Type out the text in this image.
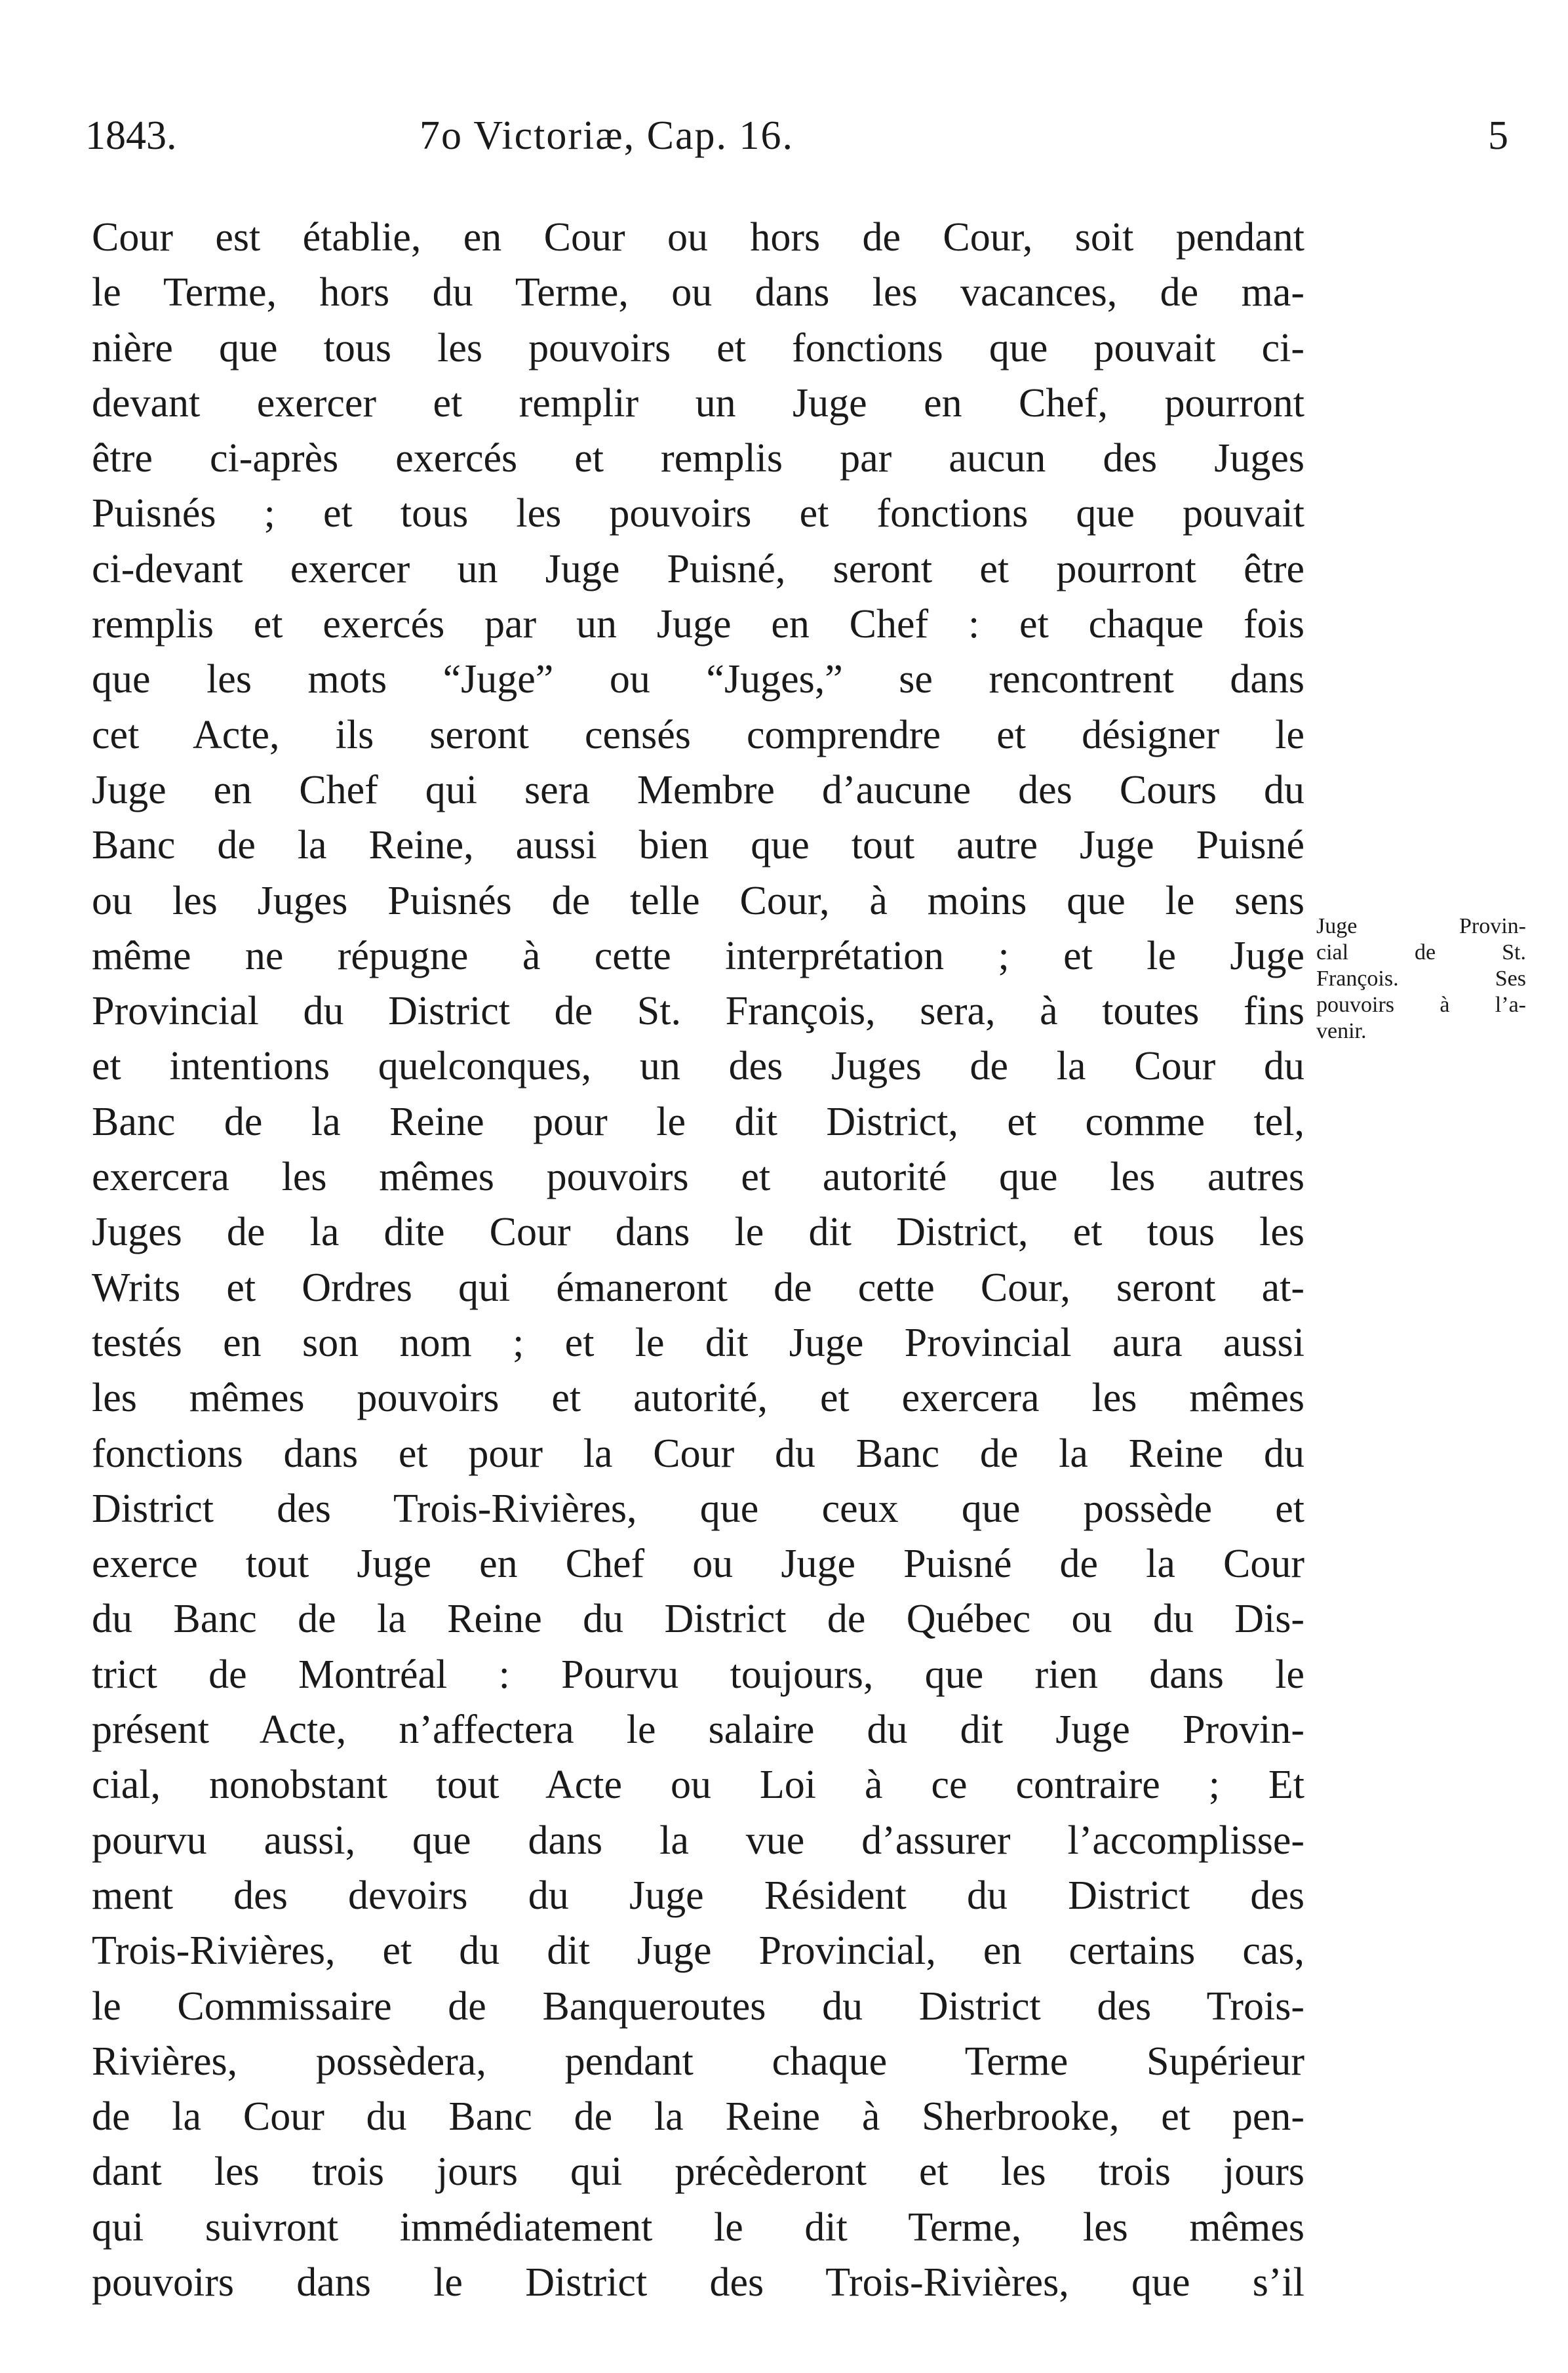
1843.	7o Victoriæ, Cap. 16.	5
Cour est établie, en Cour ou hors de Cour, soit pendant
le Terme, hors du Terme, ou dans les vacances, de ma-
nière que tous les pouvoirs et fonctions que pouvait ci-
devant exercer et remplir un Juge en Chef, pourront
être ci-après exercés et remplis par aucun des Juges
Puisnés ; et tous les pouvoirs et fonctions que pouvait
ci-devant exercer un Juge Puisné, seront et pourront être
remplis et exercés par un Juge en Chef : et chaque fois
que les mots “Juge” ou “Juges,” se rencontrent dans
cet Acte, ils seront censés comprendre et désigner le
Juge en Chef qui sera Membre d’aucune des Cours du
Banc de la Reine, aussi bien que tout autre Juge Puisné
ou les Juges Puisnés de telle Cour, à moins que le sens
même ne répugne à cette interprétation ; et le Juge
Provincial du District de St. François, sera, à toutes fins
et intentions quelconques, un des Juges de la Cour du
Banc de la Reine pour le dit District, et comme tel,
exercera les mêmes pouvoirs et autorité que les autres
Juges de la dite Cour dans le dit District, et tous les
Writs et Ordres qui émaneront de cette Cour, seront at-
testés en son nom ; et le dit Juge Provincial aura aussi
les mêmes pouvoirs et autorité, et exercera les mêmes
fonctions dans et pour la Cour du Banc de la Reine du
District des Trois-Rivières, que ceux que possède et
exerce tout Juge en Chef ou Juge Puisné de la Cour
du Banc de la Reine du District de Québec ou du Dis-
trict de Montréal : Pourvu toujours, que rien dans le
présent Acte, n’affectera le salaire du dit Juge Provin-
cial, nonobstant tout Acte ou Loi à ce contraire ; Et
pourvu aussi, que dans la vue d’assurer l’accomplisse-
ment des devoirs du Juge Résident du District des
Trois-Rivières, et du dit Juge Provincial, en certains cas,
le Commissaire de Banqueroutes du District des Trois-
Rivières, possèdera, pendant chaque Terme Supérieur
de la Cour du Banc de la Reine à Sherbrooke, et pen-
dant les trois jours qui précèderont et les trois jours
qui suivront immédiatement le dit Terme, les mêmes
pouvoirs dans le District des Trois-Rivières, que s’il
Juge Provin-
cial de St.
François. Ses
pouvoirs à l’a-
venir.
